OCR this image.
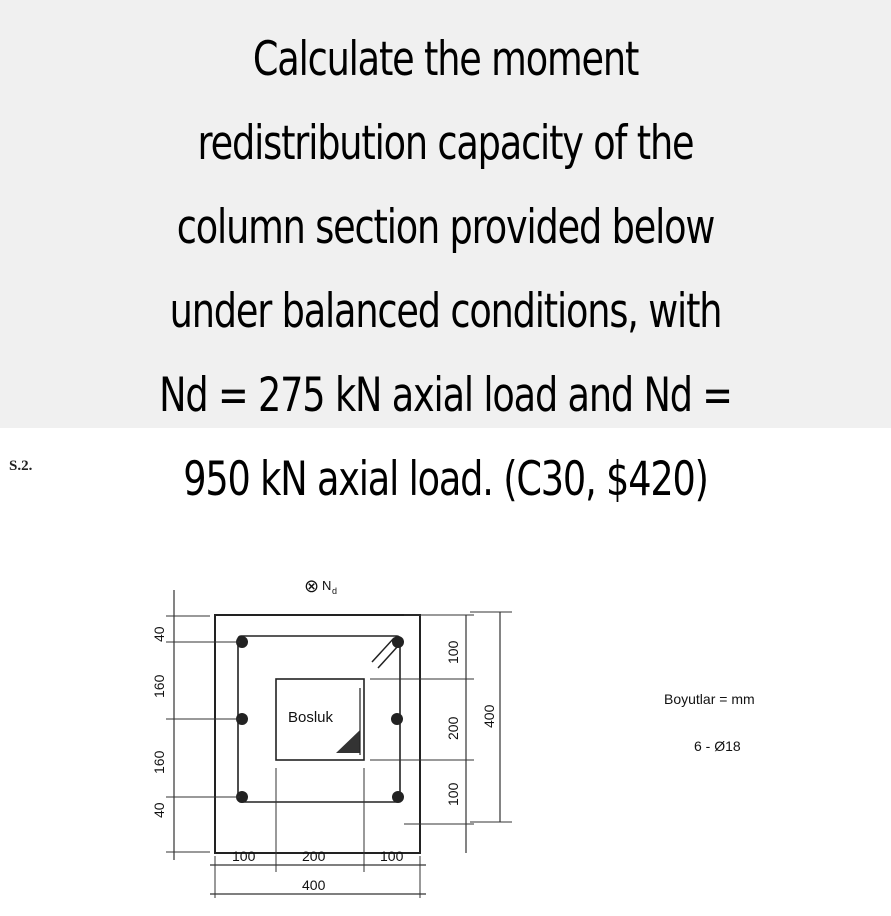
Calculate the moment
redistribution capacity of the
column section provided below
under balanced conditions, with
Nd = 275 kN axial load and Nd =
950 kN axial load. (C30, $420)
S.2.
Bosluk
⊗ N d
40
160
160
40
100
200
100
400
100	200	100
400
Boyutlar = mm
6 - Ø18
